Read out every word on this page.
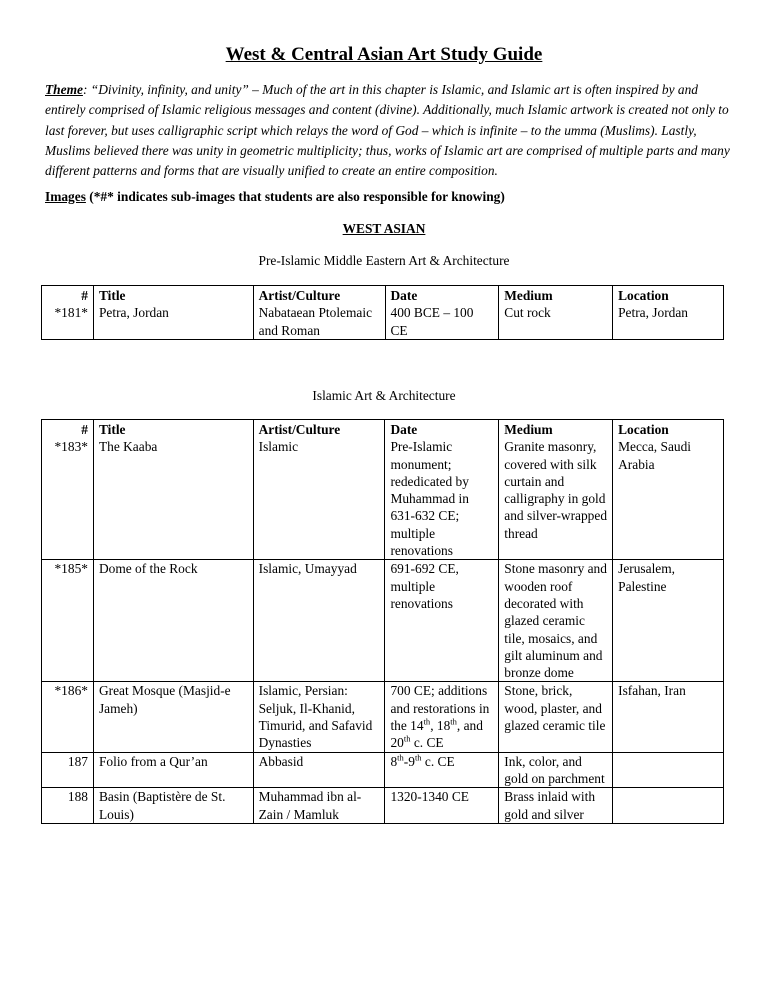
West & Central Asian Art Study Guide
Theme: “Divinity, infinity, and unity” – Much of the art in this chapter is Islamic, and Islamic art is often inspired by and entirely comprised of Islamic religious messages and content (divine). Additionally, much Islamic artwork is created not only to last forever, but uses calligraphic script which relays the word of God – which is infinite – to the umma (Muslims). Lastly, Muslims believed there was unity in geometric multiplicity; thus, works of Islamic art are comprised of multiple parts and many different patterns and forms that are visually unified to create an entire composition.
Images (*#* indicates sub-images that students are also responsible for knowing)
WEST ASIAN
Pre-Islamic Middle Eastern Art & Architecture
#	Title	Artist/Culture	Date	Medium	Location
*181*	Petra, Jordan	Nabataean Ptolemaic and Roman	400 BCE – 100 CE	Cut rock	Petra, Jordan
Islamic Art & Architecture
#	Title	Artist/Culture	Date	Medium	Location
*183*	The Kaaba	Islamic	Pre-Islamic monument; rededicated by Muhammad in 631-632 CE; multiple renovations	Granite masonry, covered with silk curtain and calligraphy in gold and silver-wrapped thread	Mecca, Saudi Arabia
*185*	Dome of the Rock	Islamic, Umayyad	691-692 CE, multiple renovations	Stone masonry and wooden roof decorated with glazed ceramic tile, mosaics, and gilt aluminum and bronze dome	Jerusalem, Palestine
*186*	Great Mosque (Masjid-e Jameh)	Islamic, Persian: Seljuk, Il-Khanid, Timurid, and Safavid Dynasties	700 CE; additions and restorations in the 14th, 18th, and 20th c. CE	Stone, brick, wood, plaster, and glazed ceramic tile	Isfahan, Iran
187	Folio from a Qur’an	Abbasid	8th-9th c. CE	Ink, color, and gold on parchment	
188	Basin (Baptistère de St. Louis)	Muhammad ibn al-Zain / Mamluk	1320-1340 CE	Brass inlaid with gold and silver	
